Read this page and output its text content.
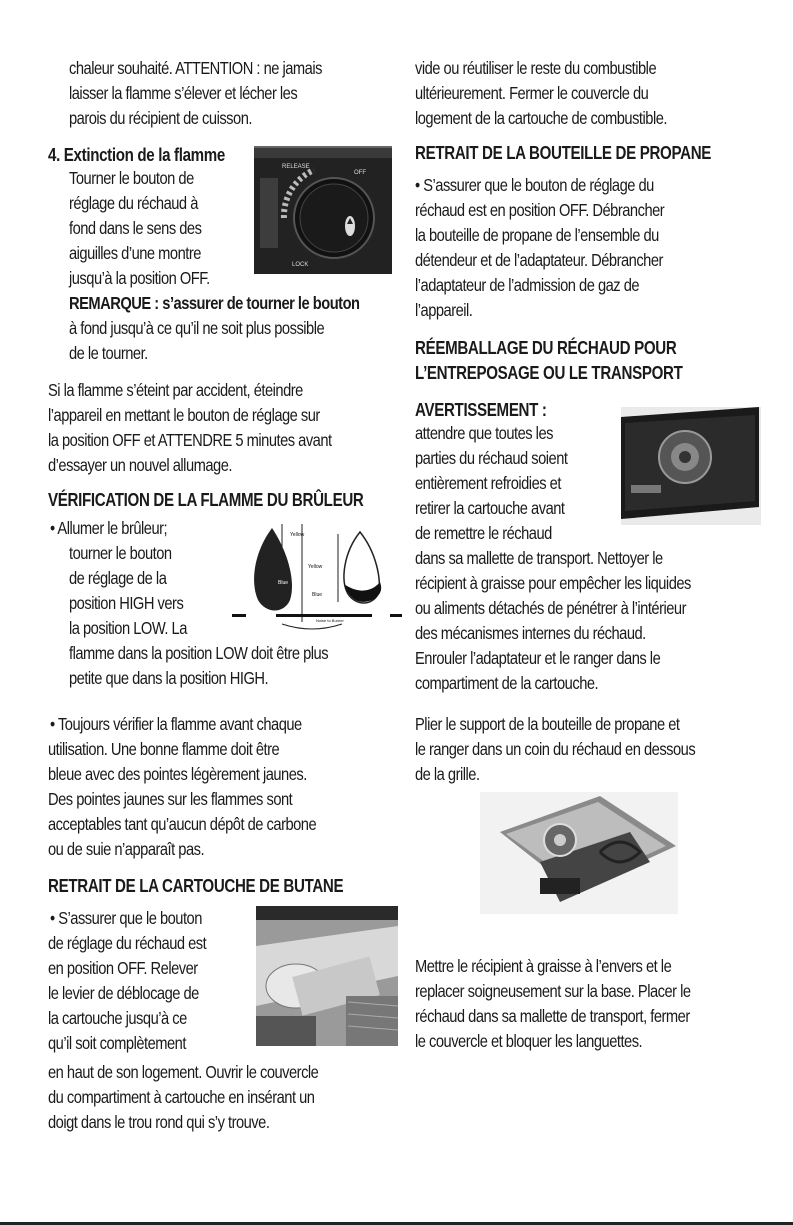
chaleur souhaité. ATTENTION : ne jamais
laisser la flamme s’élever et lécher les
parois du récipient de cuisson.
4. Extinction de la flamme
Tourner le bouton de
réglage du réchaud à
fond dans le sens des
aiguilles d’une montre
jusqu’à la position OFF.
RELEASE
OFF
LOCK
REMARQUE : s’assurer de tourner le bouton
à fond jusqu’à ce qu’il ne soit plus possible
de le tourner.
Si la flamme s’éteint par accident, éteindre
l’appareil en mettant le bouton de réglage sur
la position OFF et ATTENDRE 5 minutes avant
d’essayer un nouvel allumage.
VÉRIFICATION DE LA FLAMME DU BRÛLEUR
• Allumer le brûleur;
tourner le bouton
de réglage de la
position HIGH vers
la position LOW. La
flamme dans la position LOW doit être plus
petite que dans la position HIGH.
Yellow
Blue
Yellow
Blue
Noise to Burner
• Toujours vérifier la flamme avant chaque
utilisation. Une bonne flamme doit être
bleue avec des pointes légèrement jaunes.
Des pointes jaunes sur les flammes sont
acceptables tant qu’aucun dépôt de carbone
ou de suie n’apparaît pas.
RETRAIT DE LA CARTOUCHE DE BUTANE
• S’assurer que le bouton
de réglage du réchaud est
en position OFF. Relever
le levier de déblocage de
la cartouche jusqu’à ce
qu’il soit complètement
en haut de son logement. Ouvrir le couvercle
du compartiment à cartouche en insérant un
doigt dans le trou rond qui s’y trouve.
vide ou réutiliser le reste du combustible
ultérieurement. Fermer le couvercle du
logement de la cartouche de combustible.
RETRAIT DE LA BOUTEILLE DE PROPANE
• S’assurer que le bouton de réglage du
réchaud est en position OFF. Débrancher
la bouteille de propane de l’ensemble du
détendeur et de l’adaptateur. Débrancher
l’adaptateur de l’admission de gaz de
l’appareil.
RÉEMBALLAGE DU RÉCHAUD POUR
L’ENTREPOSAGE OU LE TRANSPORT
AVERTISSEMENT :
attendre que toutes les
parties du réchaud soient
entièrement refroidies et
retirer la cartouche avant
de remettre le réchaud
dans sa mallette de transport. Nettoyer le
récipient à graisse pour empêcher les liquides
ou aliments détachés de pénétrer à l’intérieur
des mécanismes internes du réchaud.
Enrouler l’adaptateur et le ranger dans le
compartiment de la cartouche.
Plier le support de la bouteille de propane et
le ranger dans un coin du réchaud en dessous
de la grille.
Mettre le récipient à graisse à l’envers et le
replacer soigneusement sur la base. Placer le
réchaud dans sa mallette de transport, fermer
le couvercle et bloquer les languettes.
